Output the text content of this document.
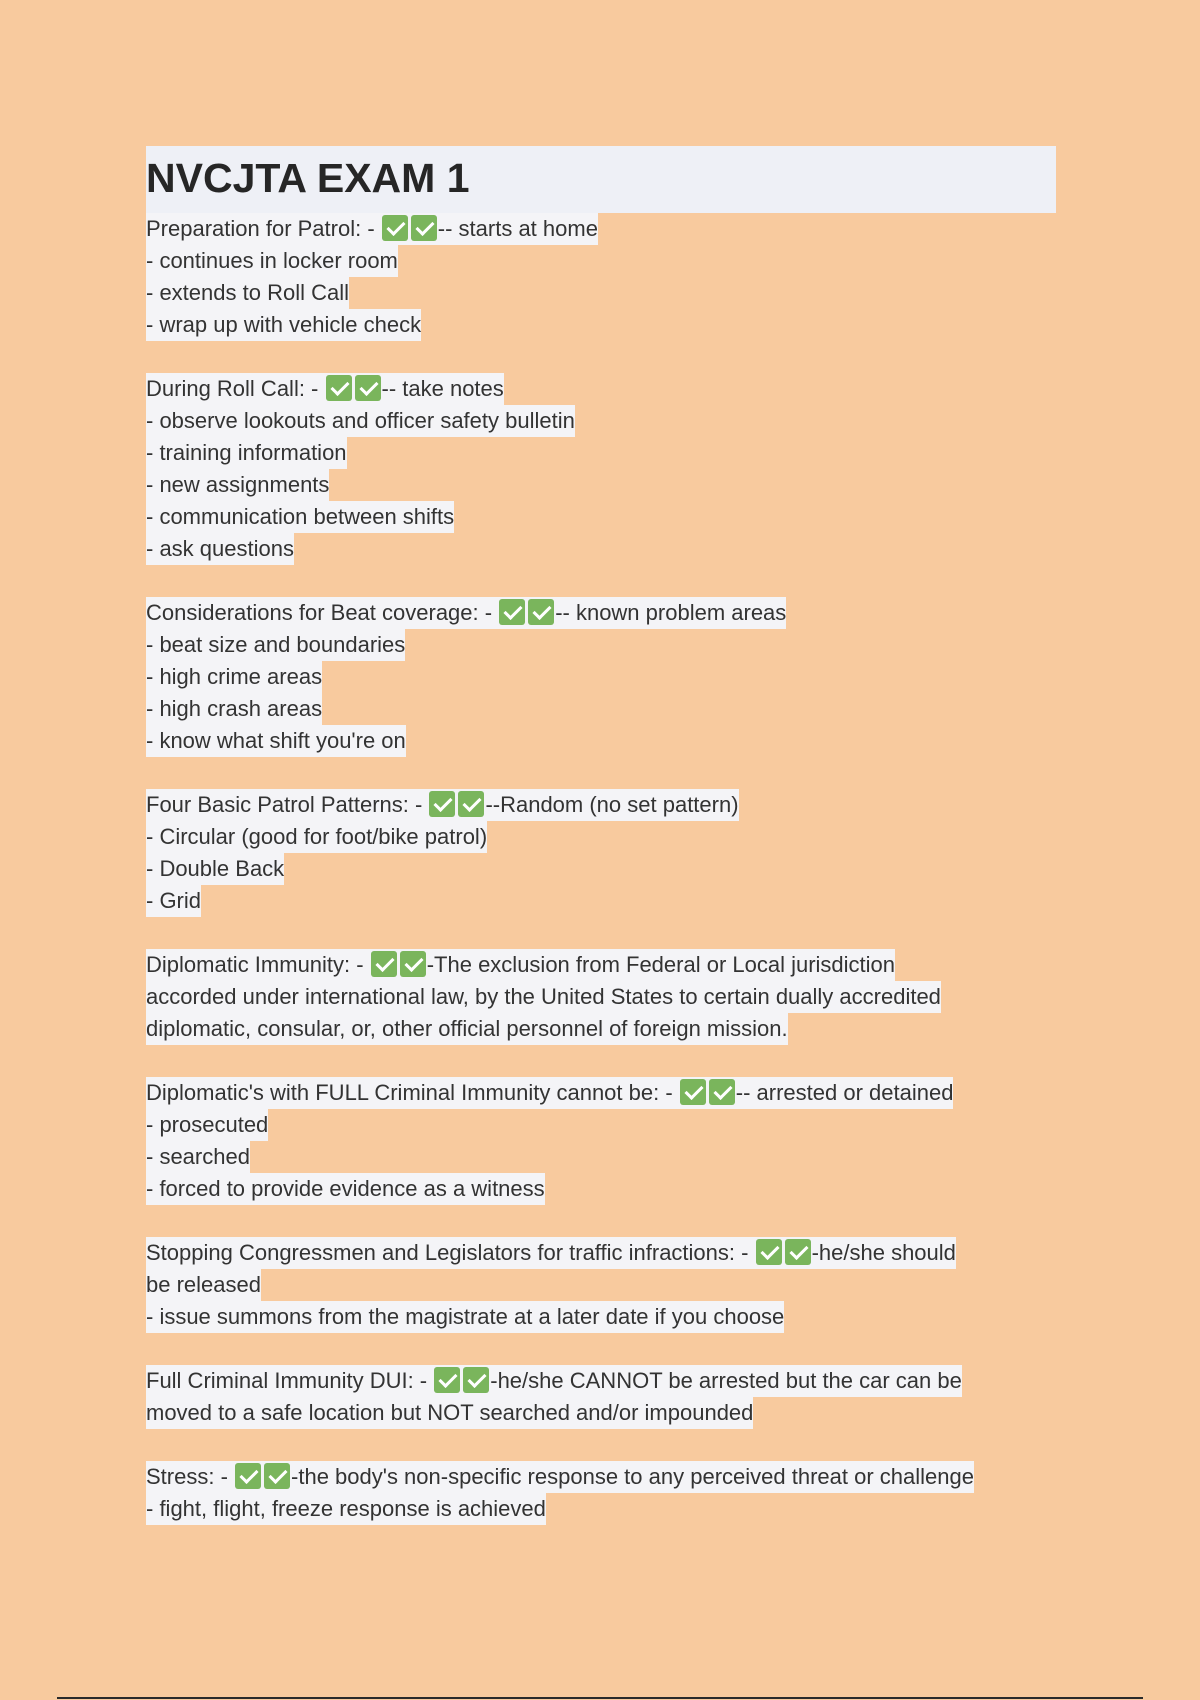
NVCJTA EXAM 1
Preparation for Patrol: -	-- starts at home
- continues in locker room
- extends to Roll Call
- wrap up with vehicle check
During Roll Call: -	-- take notes
- observe lookouts and officer safety bulletin
- training information
- new assignments
- communication between shifts
- ask questions
Considerations for Beat coverage: -	-- known problem areas
- beat size and boundaries
- high crime areas
- high crash areas
- know what shift you're on
Four Basic Patrol Patterns: -	--Random (no set pattern)
- Circular (good for foot/bike patrol)
- Double Back
- Grid
Diplomatic Immunity: -	-The exclusion from Federal or Local jurisdiction
accorded under international law, by the United States to certain dually accredited
diplomatic, consular, or, other official personnel of foreign mission.
Diplomatic's with FULL Criminal Immunity cannot be: -	-- arrested or detained
- prosecuted
- searched
- forced to provide evidence as a witness
Stopping Congressmen and Legislators for traffic infractions: -	-he/she should
be released
- issue summons from the magistrate at a later date if you choose
Full Criminal Immunity DUI: -	-he/she CANNOT be arrested but the car can be
moved to a safe location but NOT searched and/or impounded
Stress: -	-the body's non-specific response to any perceived threat or challenge
- fight, flight, freeze response is achieved
